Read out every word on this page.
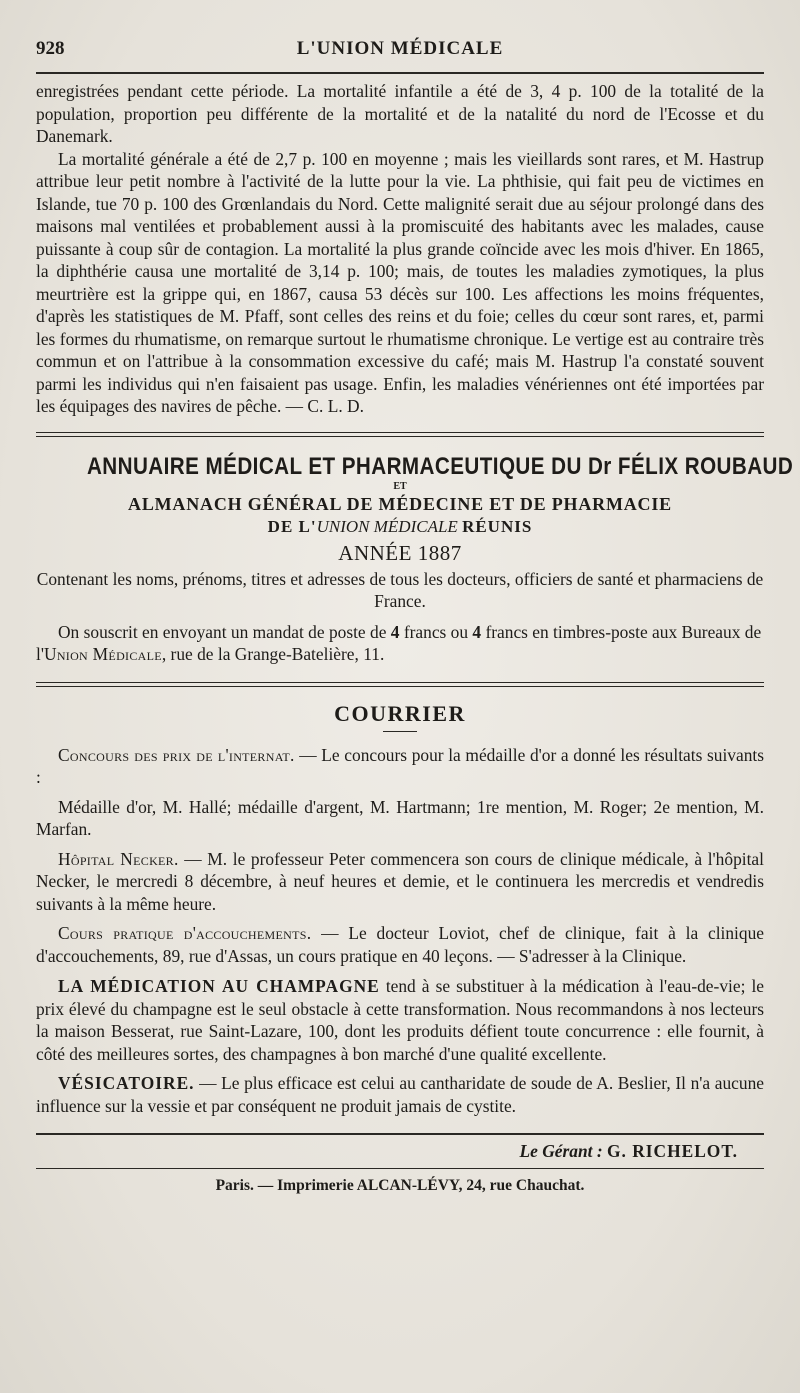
928	L'UNION MÉDICALE

enregistrées pendant cette période. La mortalité infantile a été de 3, 4 p. 100 de la totalité de la population, proportion peu différente de la mortalité et de la natalité du nord de l'Ecosse et du Danemark.

La mortalité générale a été de 2,7 p. 100 en moyenne ; mais les vieillards sont rares, et M. Hastrup attribue leur petit nombre à l'activité de la lutte pour la vie. La phthisie, qui fait peu de victimes en Islande, tue 70 p. 100 des Grœnlandais du Nord. Cette malignité serait due au séjour prolongé dans des maisons mal ventilées et probablement aussi à la promiscuité des habitants avec les malades, cause puissante à coup sûr de contagion. La mortalité la plus grande coïncide avec les mois d'hiver. En 1865, la diphthérie causa une mortalité de 3,14 p. 100; mais, de toutes les maladies zymotiques, la plus meurtrière est la grippe qui, en 1867, causa 53 décès sur 100. Les affections les moins fréquentes, d'après les statistiques de M. Pfaff, sont celles des reins et du foie; celles du cœur sont rares, et, parmi les formes du rhumatisme, on remarque surtout le rhumatisme chronique. Le vertige est au contraire très commun et on l'attribue à la consommation excessive du café; mais M. Hastrup l'a constaté souvent parmi les individus qui n'en faisaient pas usage. Enfin, les maladies vénériennes ont été importées par les équipages des navires de pêche. — C. L. D.

ANNUAIRE MÉDICAL ET PHARMACEUTIQUE DU Dr FÉLIX ROUBAUD
ET
ALMANACH GÉNÉRAL DE MÉDECINE ET DE PHARMACIE
DE L'UNION MÉDICALE RÉUNIS
ANNÉE 1887
Contenant les noms, prénoms, titres et adresses de tous les docteurs, officiers de santé et pharmaciens de France.

On souscrit en envoyant un mandat de poste de 4 francs ou 4 francs en timbres-poste aux Bureaux de l'Union Médicale, rue de la Grange-Batelière, 11.

COURRIER

Concours des prix de l'internat. — Le concours pour la médaille d'or a donné les résultats suivants :

Médaille d'or, M. Hallé; médaille d'argent, M. Hartmann; 1re mention, M. Roger; 2e mention, M. Marfan.

Hôpital Necker. — M. le professeur Peter commencera son cours de clinique médicale, à l'hôpital Necker, le mercredi 8 décembre, à neuf heures et demie, et le continuera les mercredis et vendredis suivants à la même heure.

Cours pratique d'accouchements. — Le docteur Loviot, chef de clinique, fait à la clinique d'accouchements, 89, rue d'Assas, un cours pratique en 40 leçons. — S'adresser à la Clinique.

LA MÉDICATION AU CHAMPAGNE tend à se substituer à la médication à l'eau-de-vie; le prix élevé du champagne est le seul obstacle à cette transformation. Nous recommandons à nos lecteurs la maison Besserat, rue Saint-Lazare, 100, dont les produits défient toute concurrence : elle fournit, à côté des meilleures sortes, des champagnes à bon marché d'une qualité excellente.

VÉSICATOIRE. — Le plus efficace est celui au cantharidate de soude de A. Beslier, Il n'a aucune influence sur la vessie et par conséquent ne produit jamais de cystite.

Le Gérant : G. RICHELOT.
Paris. — Imprimerie ALCAN-LÉVY, 24, rue Chauchat.
